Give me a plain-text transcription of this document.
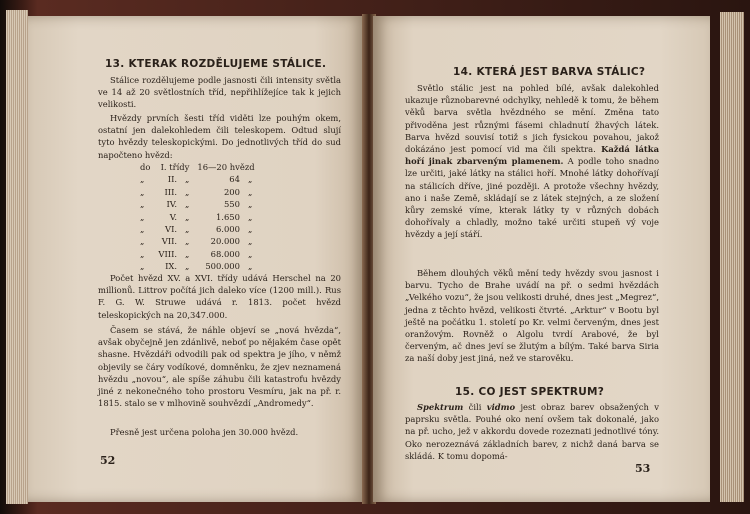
13. KTERAK ROZDĚLUJEME STÁLICE.
Stálice rozdělujeme podle jasnosti čili intensity světla ve 14 až 20 světlostních tříd, nepřihlížejíce tak k jejich velikosti.
Hvězdy prvních šesti tříd viděti lze pouhým okem, ostatní jen dalekohledem čili teleskopem. Odtud slují tyto hvězdy teleskopickými. Do jednotlivých tříd do sud napočteno hvězd:
do	I. třídy		16—20 hvězd	
„	II.	„	64	„
„	III.	„	200	„
„	IV.	„	550	„
„	V.	„	1.650	„
„	VI.	„	6.000	„
„	VII.	„	20.000	„
„	VIII.	„	68.000	„
„	IX.	„	500.000	„
Počet hvězd XV. a XVI. třídy udává Herschel na 20 millionů. Littrov počítá jich daleko více (1200 mill.). Rus F. G. W. Struwe udává r. 1813. počet hvězd teleskopických na 20,347.000.
Časem se stává, že náhle objeví se „nová hvězda“, avšak obyčejně jen zdánlivě, neboť po nějakém čase opět shasne. Hvězdáři odvodili pak od spektra je jího, v němž objevily se čáry vodíkové, domněnku, že zjev neznamená hvězdu „novou“, ale spíše záhubu čili katastrofu hvězdy jiné z nekonečného toho prostoru Vesmíru, jak na př. r. 1815. stalo se v mlhovině souhvězdí „Andromedy“.
Přesně jest určena poloha jen 30.000 hvězd.
52
14. KTERÁ JEST BARVA STÁLIC?
Světlo stálic jest na pohled bílé, avšak dalekohled ukazuje různobarevné odchylky, nehledě k tomu, že během věků barva světla hvězdného se mění. Změna tato přivoděna jest různými fásemi chladnutí žhavých látek. Barva hvězd souvisí totiž s jich fysickou povahou, jakož dokázáno jest pomocí vid ma čili spektra. Každá látka hoří jinak zbarveným plamenem. A podle toho snadno lze určiti, jaké látky na stálici hoří. Mnohé látky dohořívají na stálicích dříve, jiné později. A protože všechny hvězdy, ano i naše Země, skládají se z látek stejných, a ze složení kůry zemské víme, kterak látky ty v různých dobách dohořívaly a chladly, možno také určiti stupeň vý voje hvězdy a její stáří.
Během dlouhých věků mění tedy hvězdy svou jasnost i barvu. Tycho de Brahe uvádí na př. o sedmi hvězdách „Velkého vozu“, že jsou velikosti druhé, dnes jest „Megrez“, jedna z těchto hvězd, velikosti čtvrté. „Arktur“ v Bootu byl ještě na počátku 1. století po Kr. velmi červeným, dnes jest oranžovým. Rovněž o Algolu tvrdí Arabové, že byl červeným, ač dnes jeví se žlutým a bílým. Také barva Siria za naší doby jest jiná, než ve starověku.
15. CO JEST SPEKTRUM?
Spektrum čili vidmo jest obraz barev obsažených v paprsku světla. Pouhé oko není ovšem tak dokonalé, jako na př. ucho, jež v akkordu dovede rozeznati jednotlivé tóny. Oko nerozeznává základních barev, z nichž daná barva se skládá. K tomu dopomá-
53
